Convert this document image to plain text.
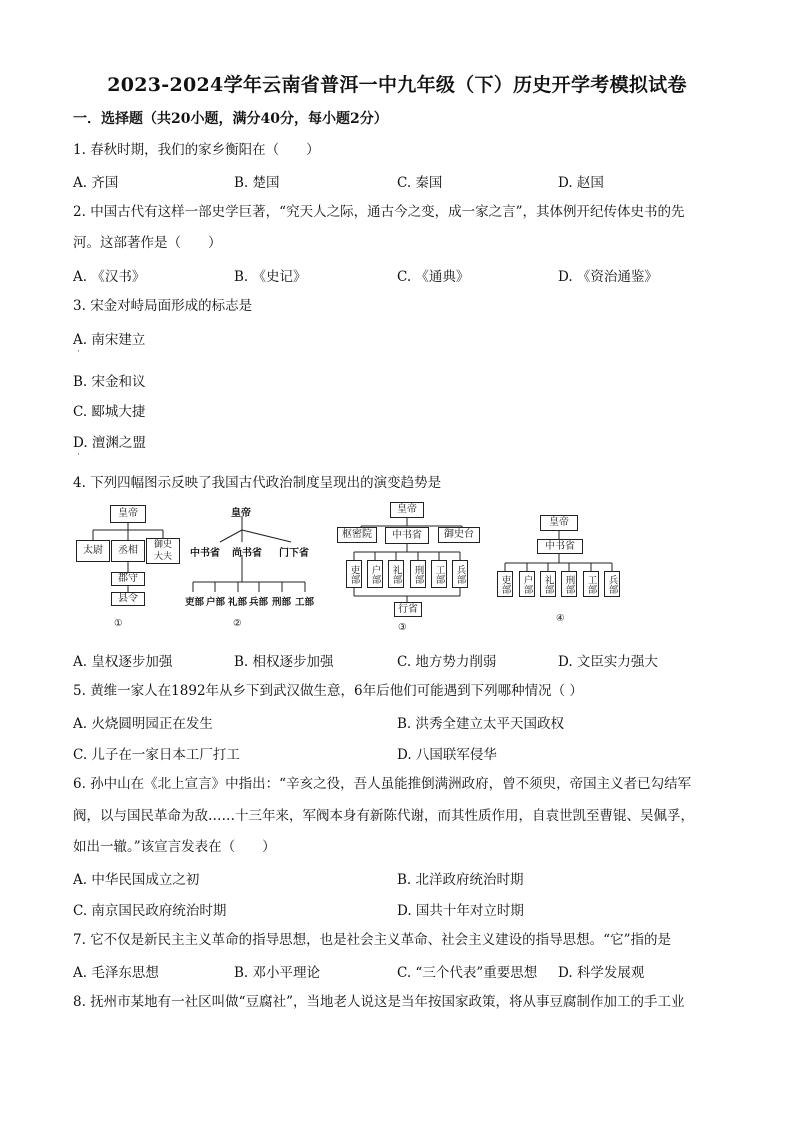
2023-2024学年云南省普洱一中九年级（下）历史开学考模拟试卷
一．选择题（共20小题，满分40分，每小题2分）
1. 春秋时期，我们的家乡衡阳在（　　）
A. 齐国	B. 楚国	C. 秦国	D. 赵国
2. 中国古代有这样一部史学巨著，“究天人之际，通古今之变，成一家之言”，其体例开纪传体史书的先
河。这部著作是（　　）
A. 《汉书》	B. 《史记》	C. 《通典》	D. 《资治通鉴》
3. 宋金对峙局面形成的标志是
A. 南宋建立
·
B. 宋金和议
C. 郾城大捷
D. 澶渊之盟
·
4. 下列四幅图示反映了我国古代政治制度呈现出的演变趋势是
皇帝
太尉	丞相	御史大夫
郡守
县令
①
皇帝
中书省 尚书省 门下省
吏部 户部 礼部 兵部 刑部 工部
②
皇帝
枢密院	中书省	御史台
吏部 户部 礼部 刑部 工部 兵部
行省
③
皇帝
中书省
吏部 户部 礼部 刑部 工部 兵部
④
A. 皇权逐步加强	B. 相权逐步加强	C. 地方势力削弱	D. 文臣实力强大
5. 黄维一家人在1892年从乡下到武汉做生意，6年后他们可能遇到下列哪种情况（ ）
A. 火烧圆明园正在发生	B. 洪秀全建立太平天国政权
C. 儿子在一家日本工厂打工	D. 八国联军侵华
6. 孙中山在《北上宣言》中指出：“辛亥之役，吾人虽能推倒满洲政府，曾不须臾，帝国主义者已勾结军
阀，以与国民革命为敌……十三年来，军阀本身有新陈代谢，而其性质作用，自袁世凯至曹锟、吴佩孚，
如出一辙。”该宣言发表在（　　）
A. 中华民国成立之初	B. 北洋政府统治时期
C. 南京国民政府统治时期	D. 国共十年对立时期
7. 它不仅是新民主主义革命的指导思想，也是社会主义革命、社会主义建设的指导思想。“它”指的是
A. 毛泽东思想	B. 邓小平理论	C. “三个代表”重要思想 D. 科学发展观
8. 抚州市某地有一社区叫做“豆腐社”，当地老人说这是当年按国家政策，将从事豆腐制作加工的手工业
